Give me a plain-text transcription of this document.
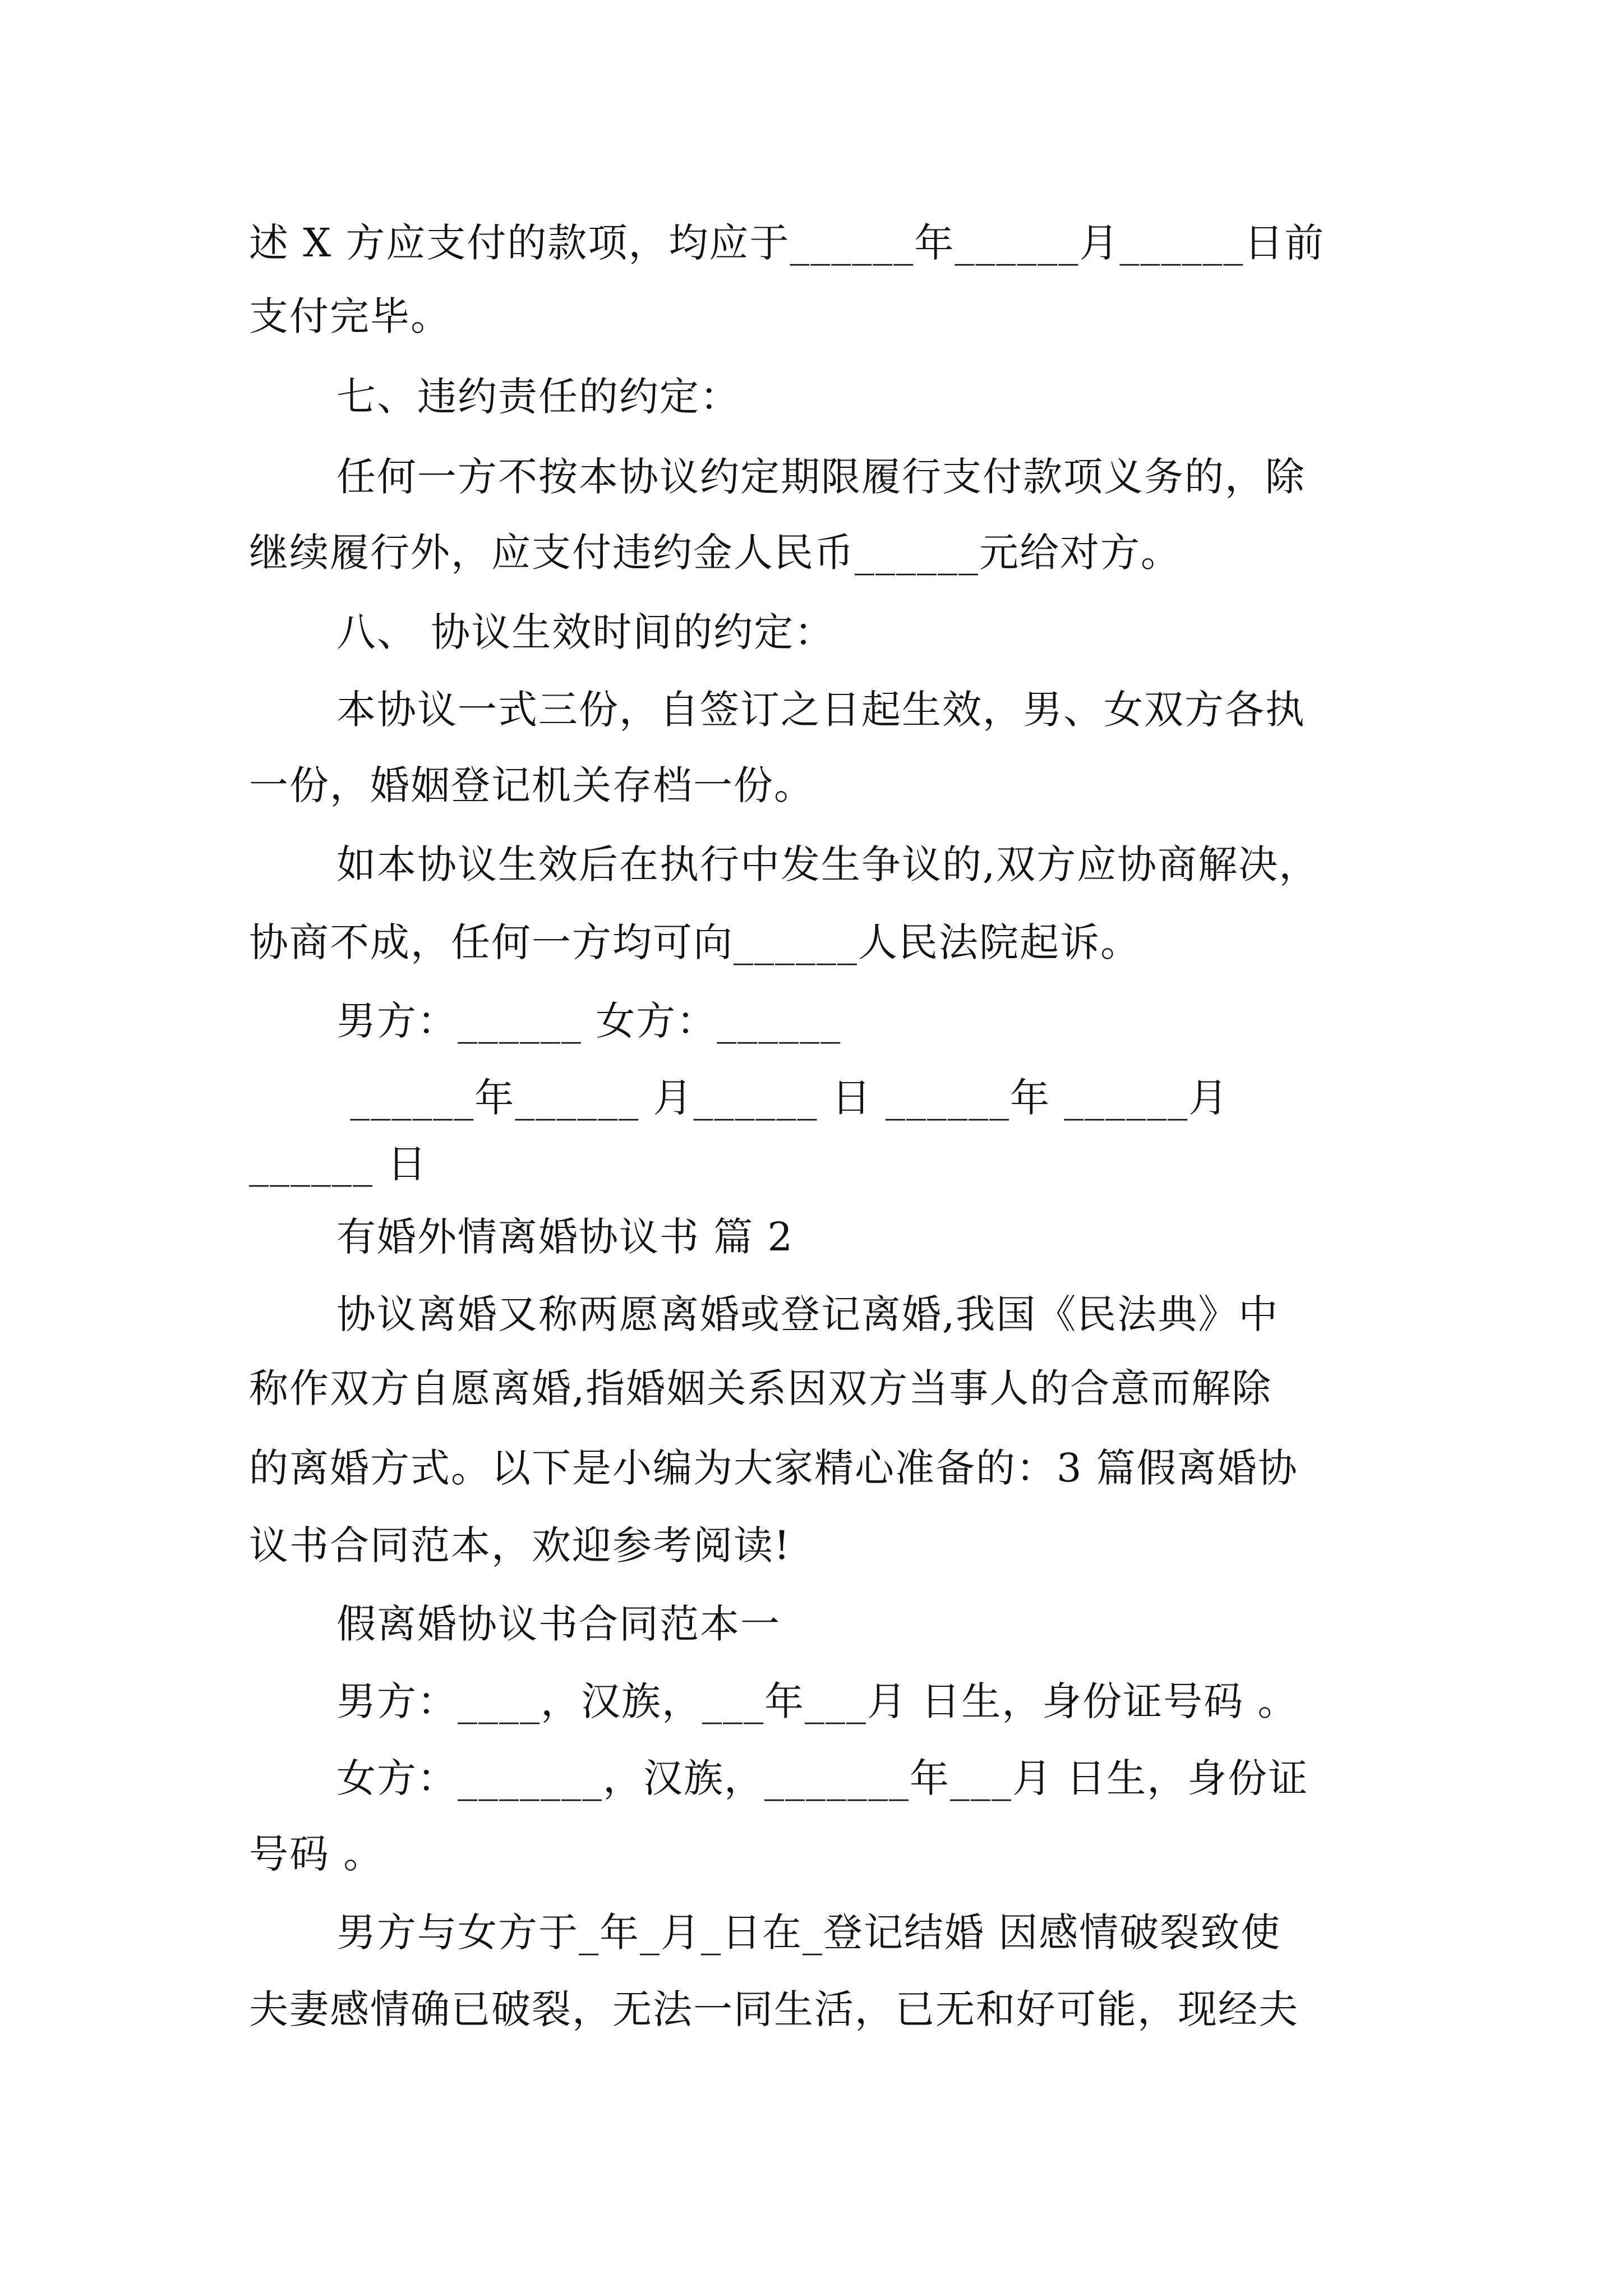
述 X 方应支付的款项，均应于______年______月______日前
支付完毕。
七、违约责任的约定：
任何一方不按本协议约定期限履行支付款项义务的，除
继续履行外，应支付违约金人民币______元给对方。
八、 协议生效时间的约定：
本协议一式三份，自签订之日起生效，男、女双方各执
一份，婚姻登记机关存档一份。
如本协议生效后在执行中发生争议的,双方应协商解决，
协商不成，任何一方均可向______人民法院起诉。
男方：______ 女方：______
______年______ 月______ 日 ______年 ______月
______ 日
有婚外情离婚协议书 篇 2
协议离婚又称两愿离婚或登记离婚,我国《民法典》中
称作双方自愿离婚,指婚姻关系因双方当事人的合意而解除
的离婚方式。以下是小编为大家精心准备的：3 篇假离婚协
议书合同范本，欢迎参考阅读!
假离婚协议书合同范本一
男方：____，汉族，___年___月 日生，身份证号码 。
女方：_______，汉族，_______年___月 日生，身份证
号码 。
男方与女方于_年_月_日在_登记结婚 因感情破裂致使
夫妻感情确已破裂，无法一同生活，已无和好可能，现经夫
